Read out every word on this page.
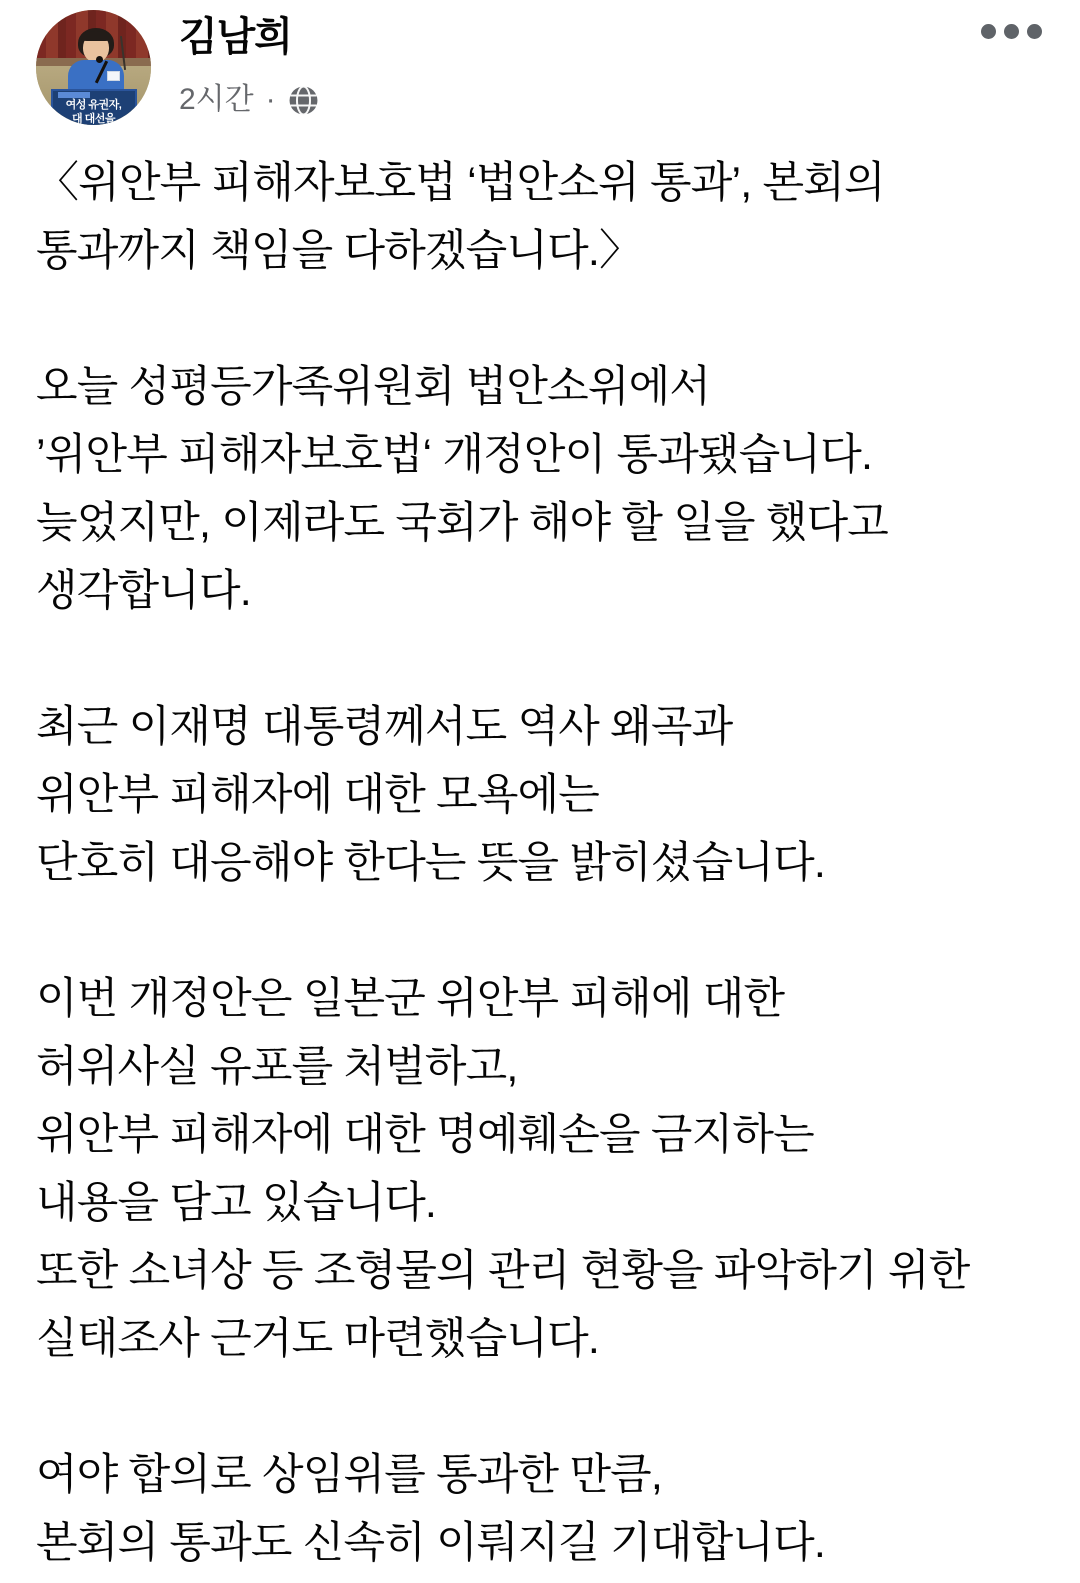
여성 유권자,
대 대선을
김남희
2시간 ·
〈위안부 피해자보호법 ‘법안소위 통과’, 본회의
통과까지 책임을 다하겠습니다.〉
오늘 성평등가족위원회 법안소위에서
’위안부 피해자보호법‘ 개정안이 통과됐습니다.
늦었지만, 이제라도 국회가 해야 할 일을 했다고
생각합니다.
최근 이재명 대통령께서도 역사 왜곡과
위안부 피해자에 대한 모욕에는
단호히 대응해야 한다는 뜻을 밝히셨습니다.
이번 개정안은 일본군 위안부 피해에 대한
허위사실 유포를 처벌하고,
위안부 피해자에 대한 명예훼손을 금지하는
내용을 담고 있습니다.
또한 소녀상 등 조형물의 관리 현황을 파악하기 위한
실태조사 근거도 마련했습니다.
여야 합의로 상임위를 통과한 만큼,
본회의 통과도 신속히 이뤄지길 기대합니다.
